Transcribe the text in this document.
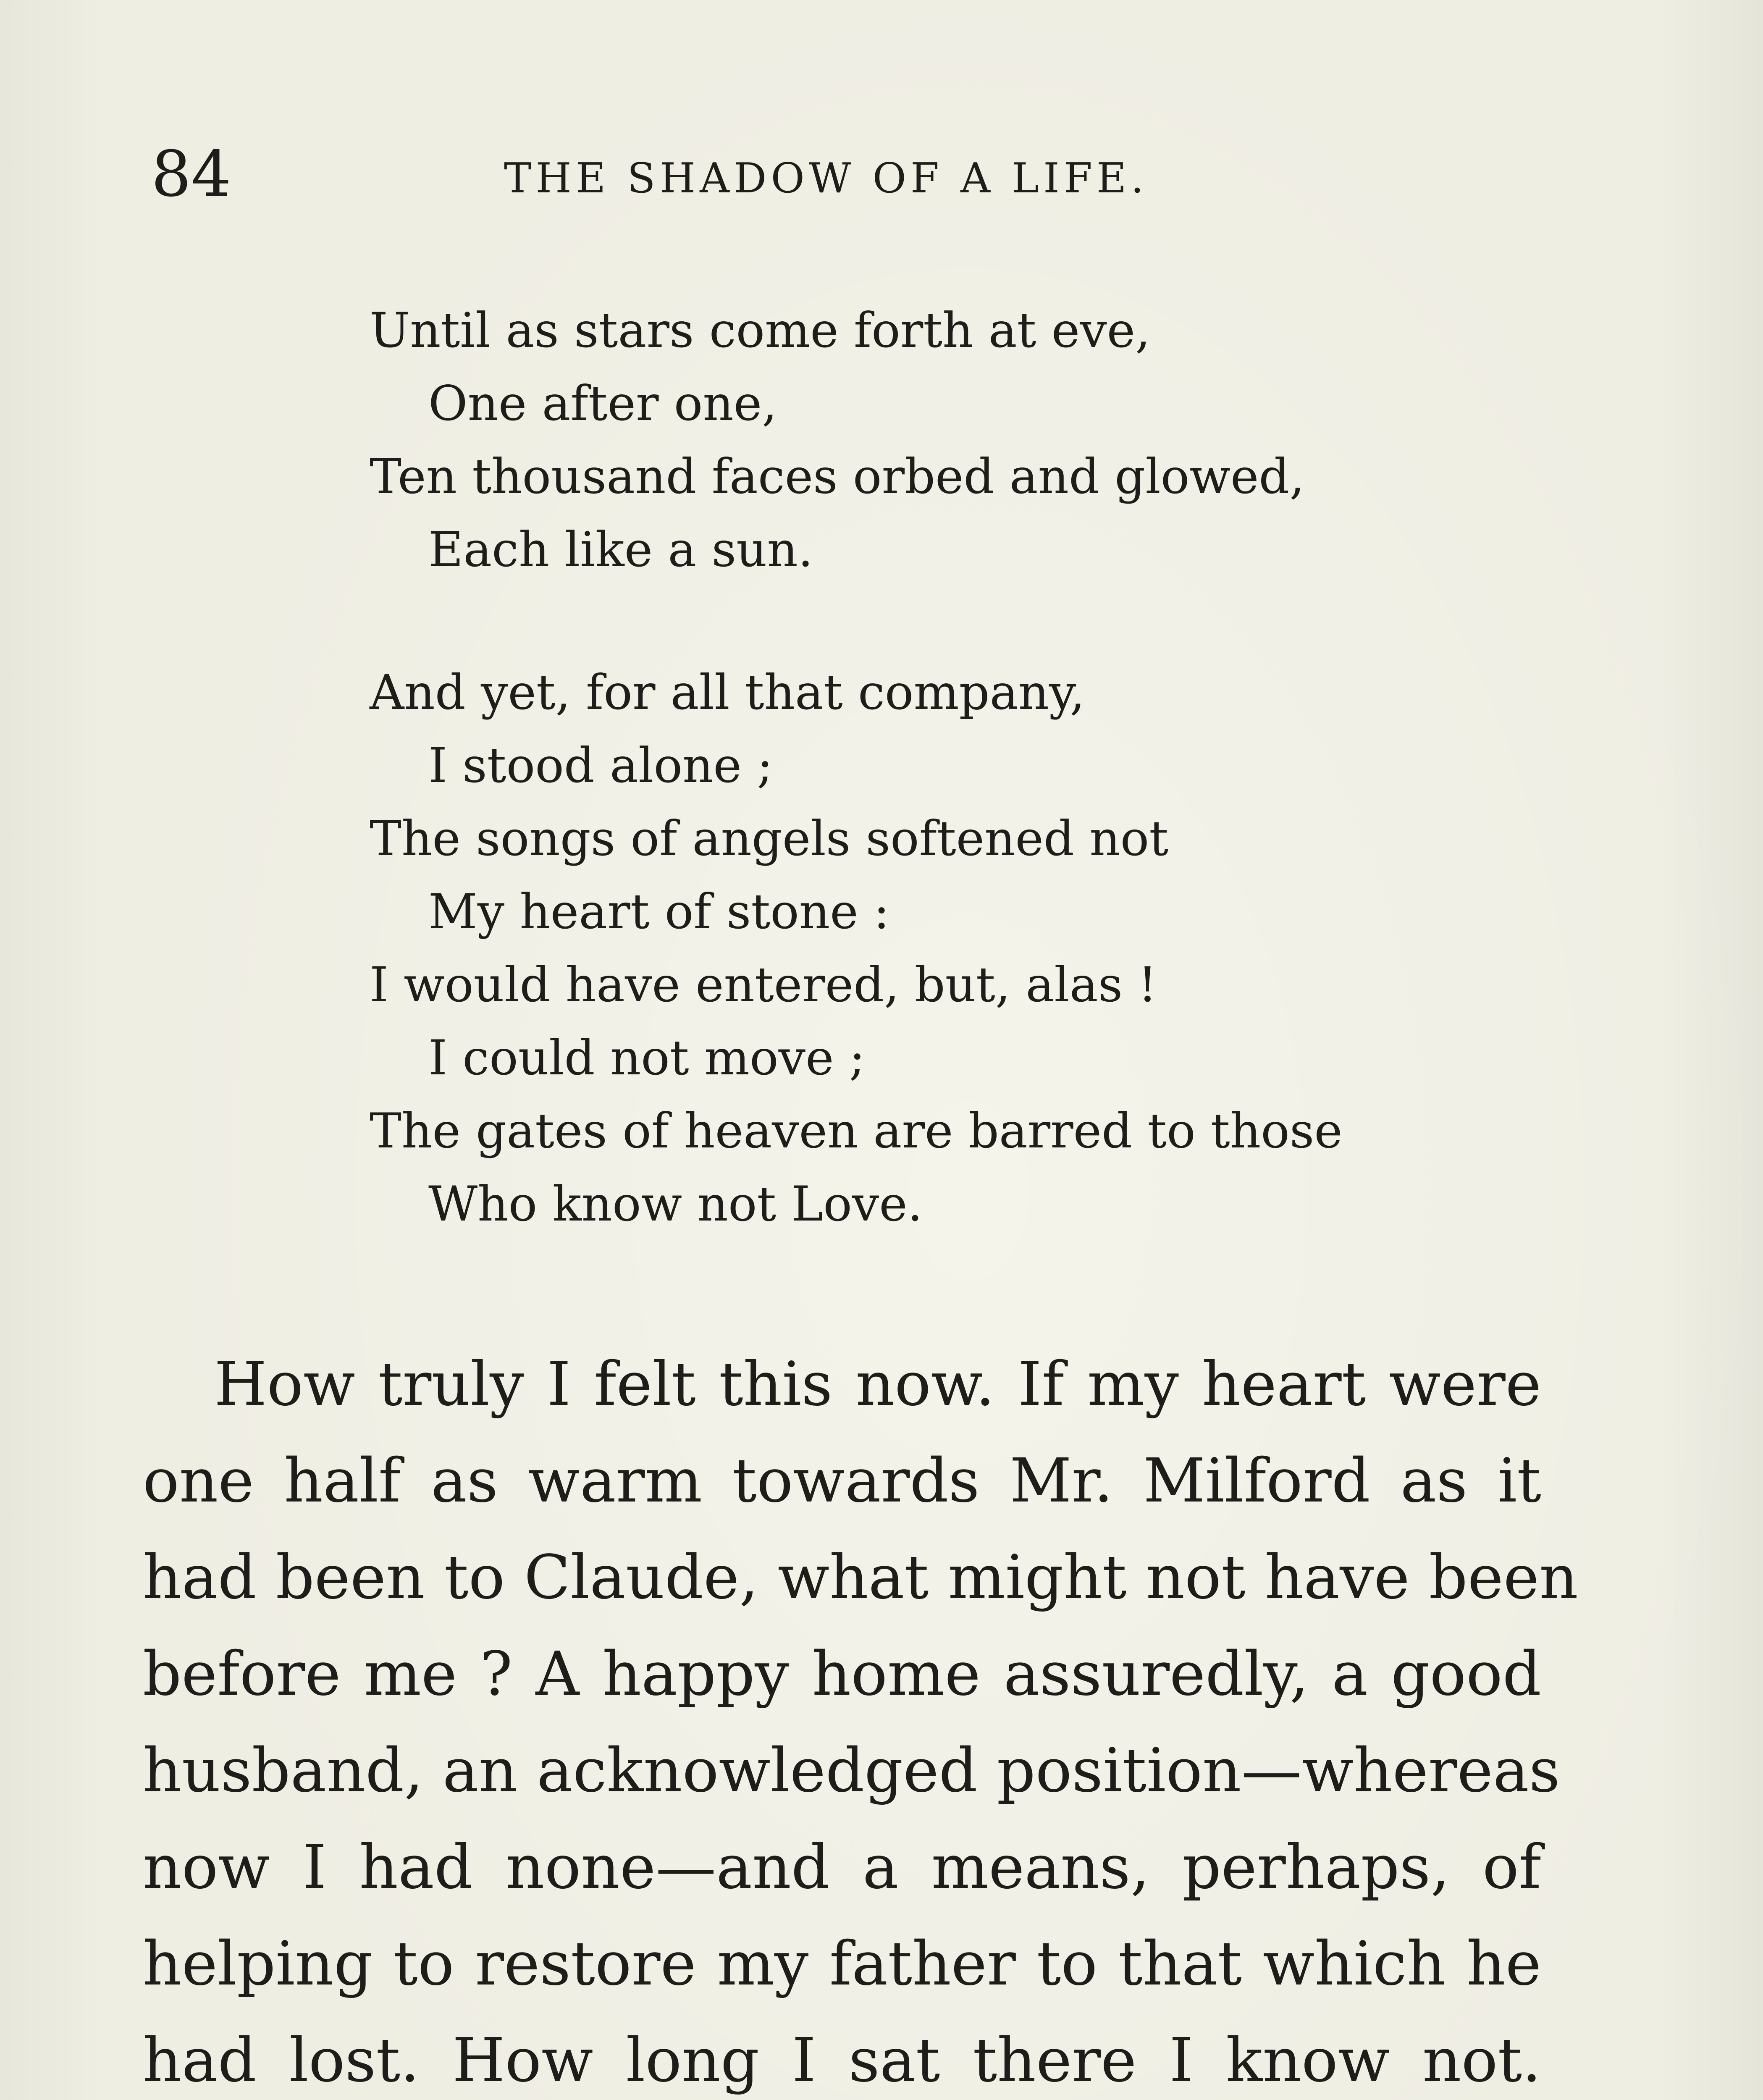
84	THE SHADOW OF A LIFE.
Until as stars come forth at eve,
One after one,
Ten thousand faces orbed and glowed,
Each like a sun.
And yet, for all that company,
I stood alone ;
The songs of angels softened not
My heart of stone :
I would have entered, but, alas !
I could not move ;
The gates of heaven are barred to those
Who know not Love.
How truly I felt this now. If my heart were
one half as warm towards Mr. Milford as it
had been to Claude, what might not have been
before me ? A happy home assuredly, a good
husband, an acknowledged position—whereas
now I had none—and a means, perhaps, of
helping to restore my father to that which he
had lost. How long I sat there I know not.
